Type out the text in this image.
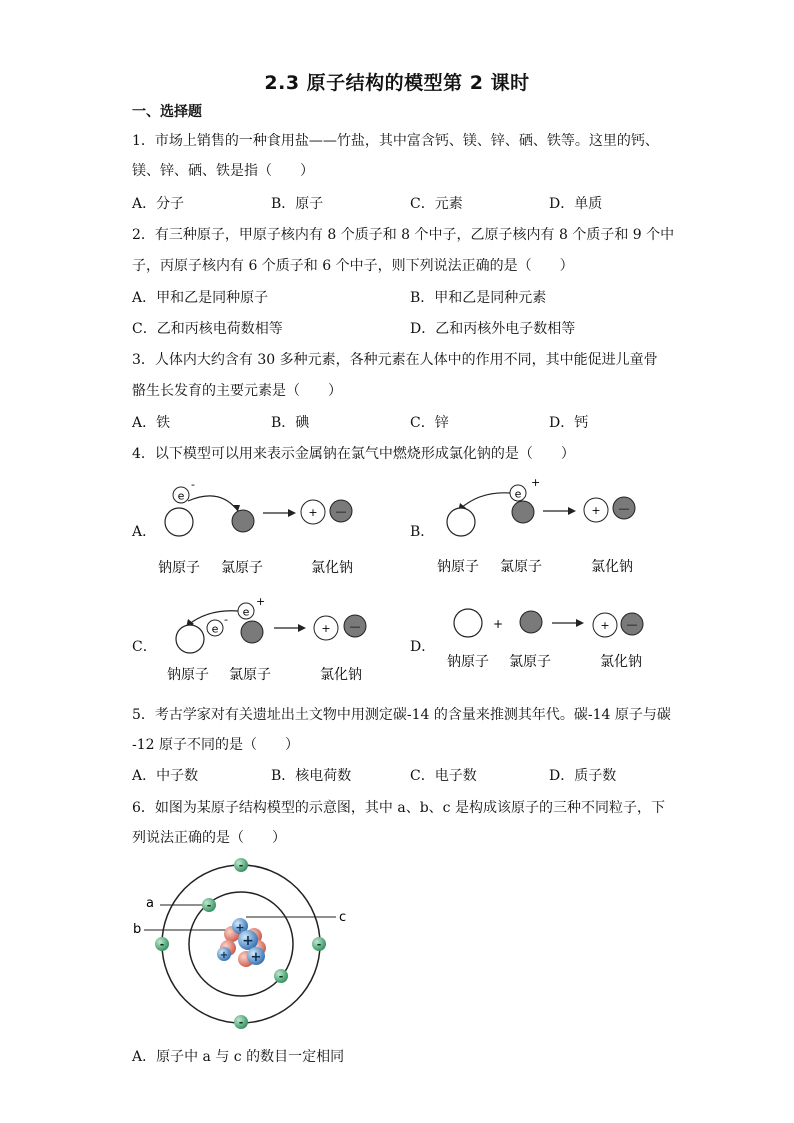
2.3 原子结构的模型第 2 课时
一、选择题
1．市场上销售的一种食用盐——竹盐，其中富含钙、镁、锌、硒、铁等。这里的钙、
镁、锌、硒、铁是指（　　）
A．分子	B．原子	C．元素	D．单质
2．有三种原子，甲原子核内有 8 个质子和 8 个中子，乙原子核内有 8 个质子和 9 个中
子，丙原子核内有 6 个质子和 6 个中子，则下列说法正确的是（　　）
A．甲和乙是同种原子	B．甲和乙是同种元素
C．乙和丙核电荷数相等	D．乙和丙核外电子数相等
3．人体内大约含有 30 多种元素，各种元素在人体中的作用不同，其中能促进儿童骨
骼生长发育的主要元素是（　　）
A．铁	B．碘	C．锌	D．钙
4．以下模型可以用来表示金属钠在氯气中燃烧形成氯化钠的是（　　）
A．
e
-
+ —
钠原子 氯原子	氯化钠
B．
e
+
+ —
钠原子 氯原子	氯化钠
C．
e
+
e
-
+ —
钠原子 氯原子	氯化钠
D．
+	+ —
钠原子 氯原子	氯化钠
5．考古学家对有关遗址出土文物中用测定碳-14 的含量来推测其年代。碳-14 原子与碳
-12 原子不同的是（　　）
A．中子数	B．核电荷数	C．电子数	D．质子数
6．如图为某原子结构模型的示意图，其中 a、b、c 是构成该原子的三种不同粒子，下
列说法正确的是（　　）
a
b
c
+
+
+
+
-
-
-	-
-
-
A．原子中 a 与 c 的数目一定相同
